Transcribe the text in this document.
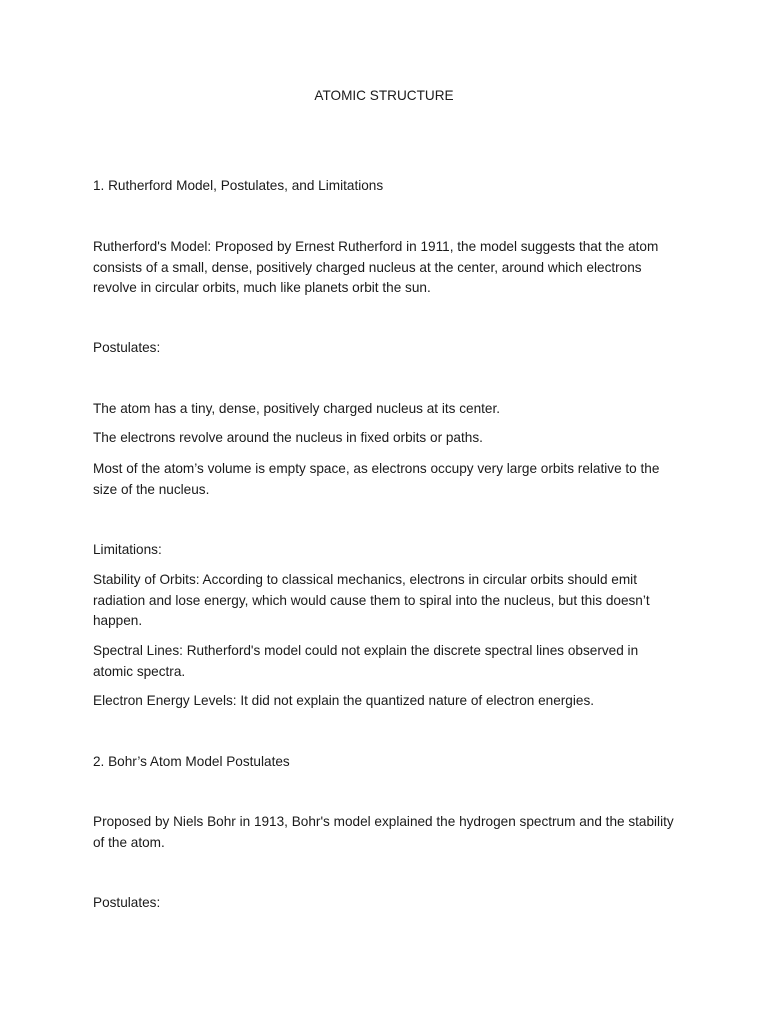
ATOMIC STRUCTURE

1. Rutherford Model, Postulates, and Limitations

Rutherford's Model: Proposed by Ernest Rutherford in 1911, the model suggests that the atom consists of a small, dense, positively charged nucleus at the center, around which electrons revolve in circular orbits, much like planets orbit the sun.

Postulates:

The atom has a tiny, dense, positively charged nucleus at its center.

The electrons revolve around the nucleus in fixed orbits or paths.

Most of the atom’s volume is empty space, as electrons occupy very large orbits relative to the size of the nucleus.

Limitations:

Stability of Orbits: According to classical mechanics, electrons in circular orbits should emit radiation and lose energy, which would cause them to spiral into the nucleus, but this doesn’t happen.

Spectral Lines: Rutherford's model could not explain the discrete spectral lines observed in atomic spectra.

Electron Energy Levels: It did not explain the quantized nature of electron energies.

2. Bohr’s Atom Model Postulates

Proposed by Niels Bohr in 1913, Bohr's model explained the hydrogen spectrum and the stability of the atom.

Postulates:
